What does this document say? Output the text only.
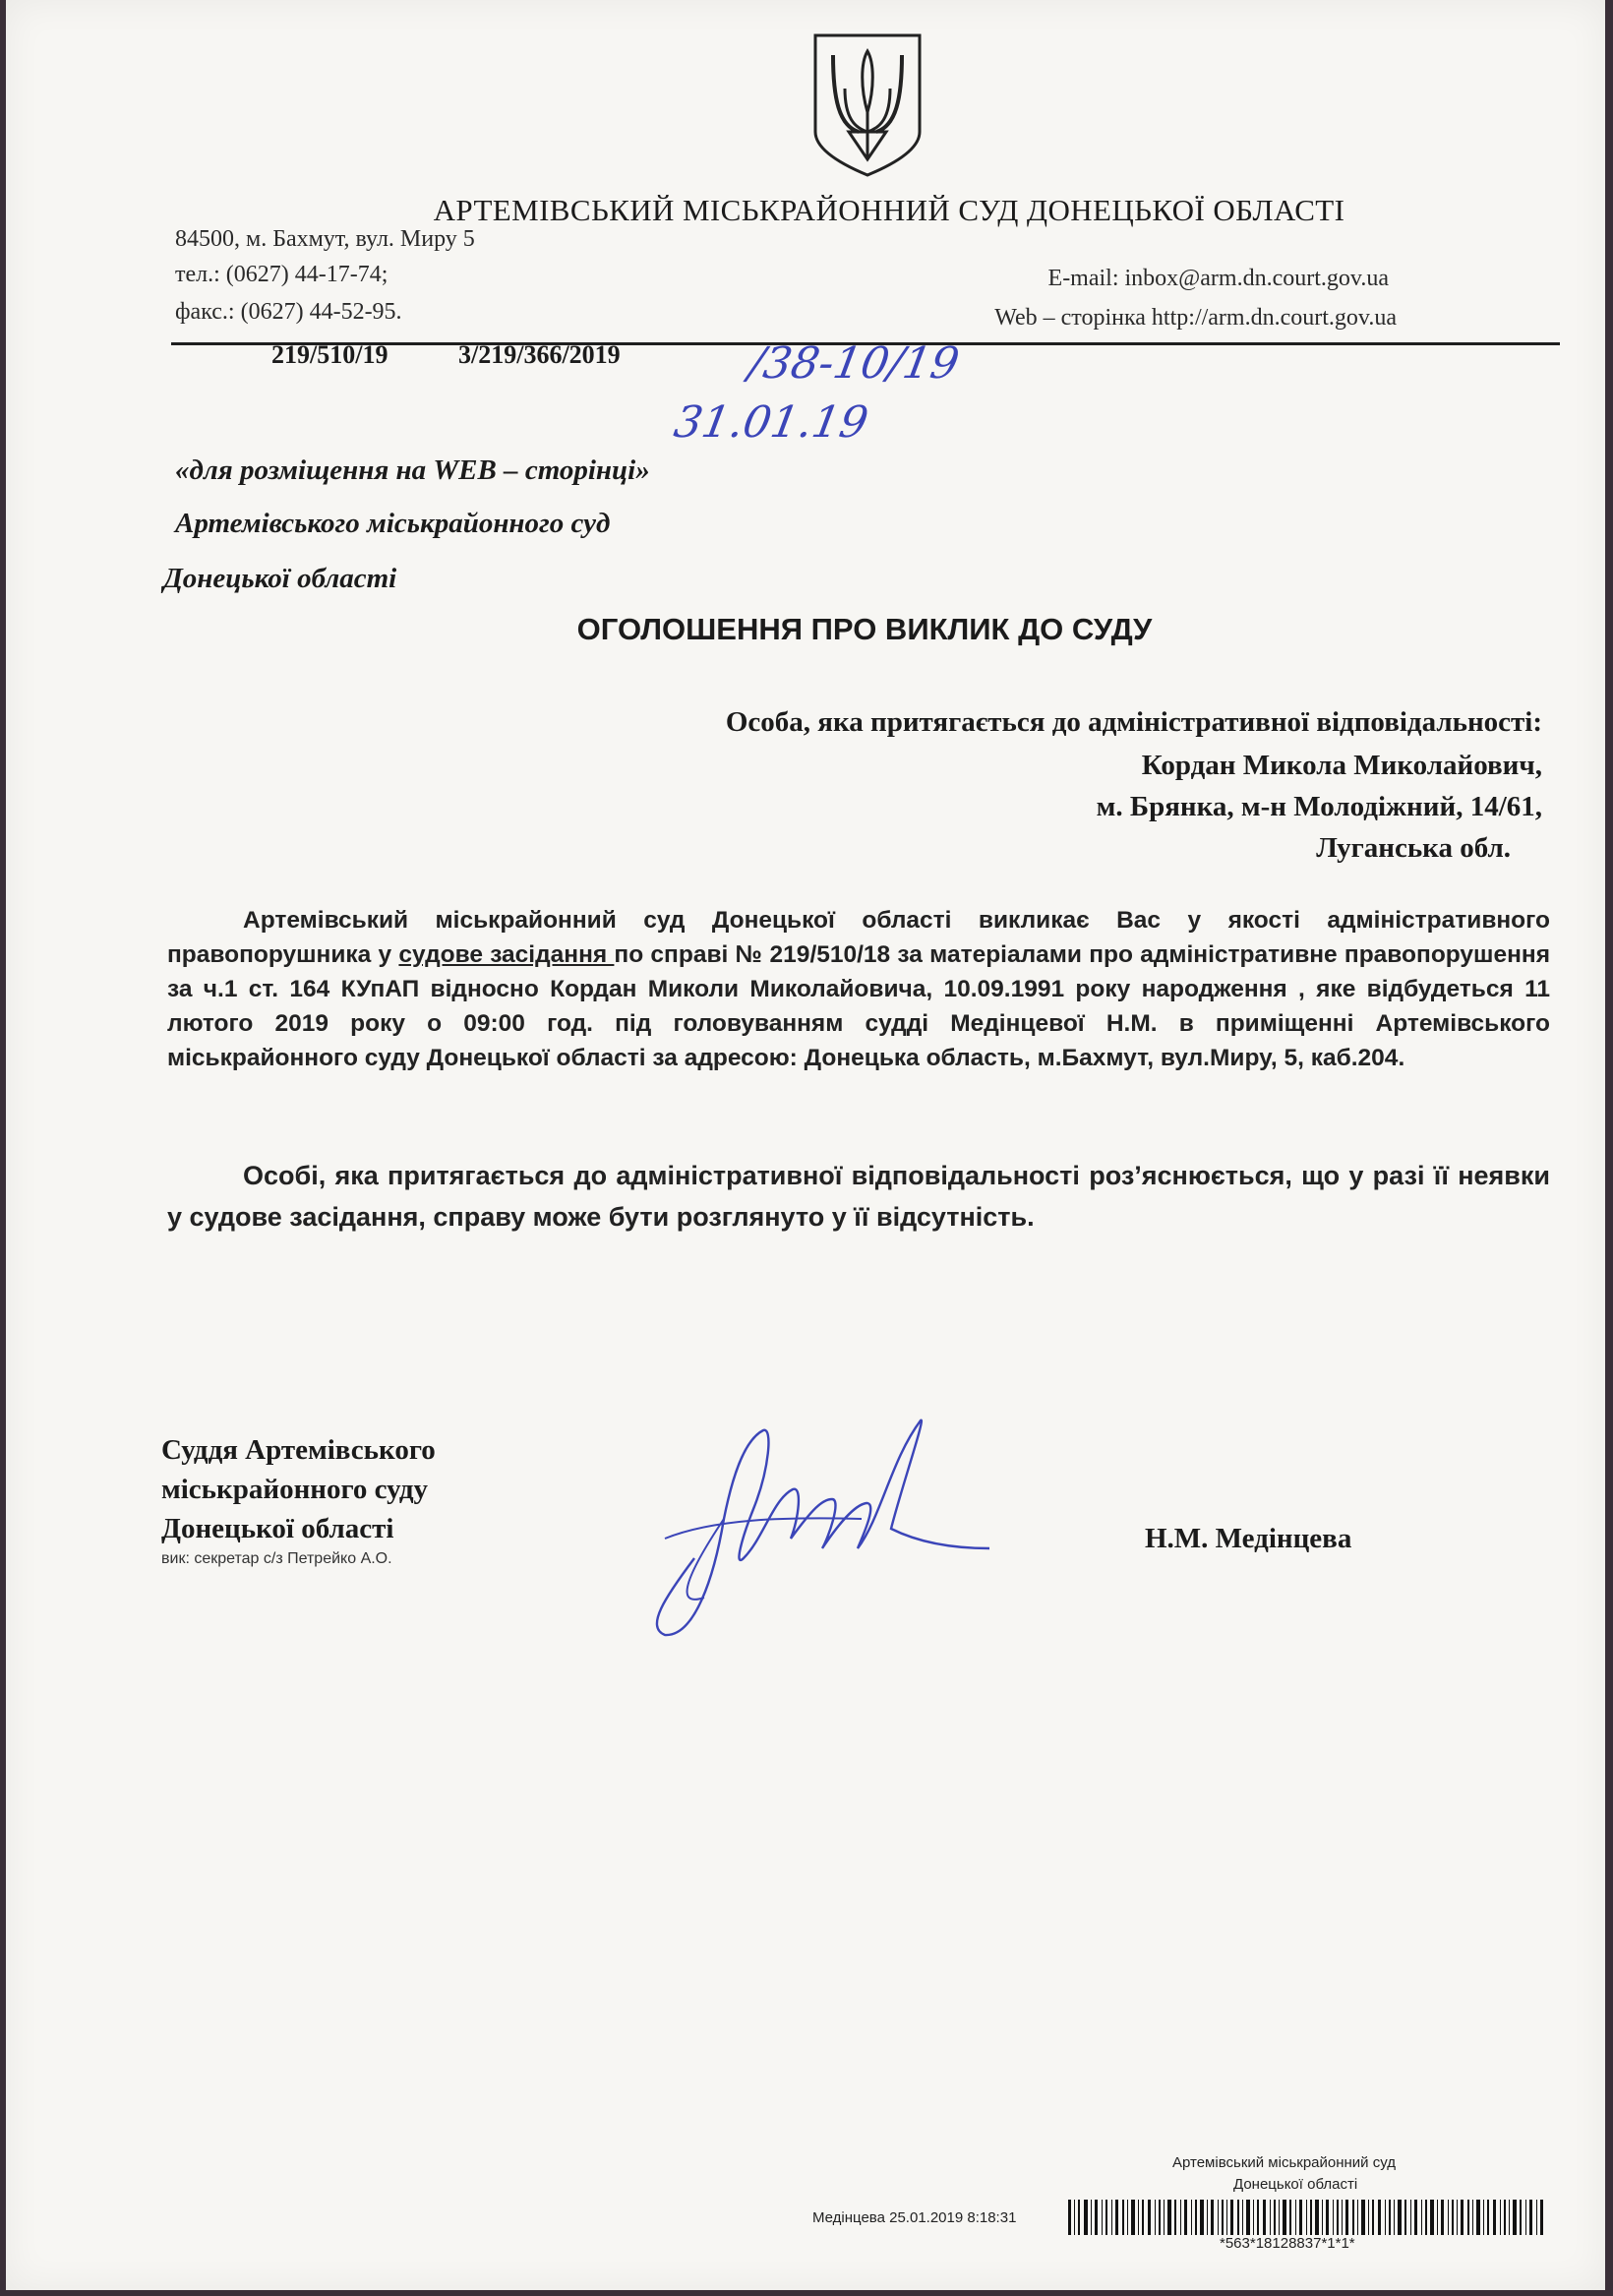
АРТЕМІВСЬКИЙ МІСЬКРАЙОННИЙ СУД ДОНЕЦЬКОЇ ОБЛАСТІ
84500, м. Бахмут, вул. Миру 5
тел.: (0627) 44-17-74;
факс.: (0627) 44-52-95.
E-mail: inbox@arm.dn.court.gov.ua
Web – сторінка http://arm.dn.court.gov.ua
219/510/19	3/219/366/2019	/38-10/19
31.01.19
«для розміщення на WEB – сторінці»
Артемівського міськрайонного суд
Донецької області
ОГОЛОШЕННЯ ПРО ВИКЛИК ДО СУДУ
Особа, яка притягається до адміністративної відповідальності:
Кордан Микола Миколайович,
м. Брянка, м-н Молодіжний, 14/61,
Луганська обл.
Артемівський міськрайонний суд Донецької області викликає Вас у якості адміністративного правопорушника у судове засідання по справі № 219/510/18 за матеріалами про адміністративне правопорушення за ч.1 ст. 164 КУпАП відносно Кордан Миколи Миколайовича, 10.09.1991 року народження , яке відбудеться 11 лютого 2019 року о 09:00 год. під головуванням судді Медінцевої Н.М. в приміщенні Артемівського міськрайонного суду Донецької області за адресою: Донецька область, м.Бахмут, вул.Миру, 5, каб.204.
Особі, яка притягається до адміністративної відповідальності роз’яснюється, що у разі її неявки у судове засідання, справу може бути розглянуто у її відсутність.
Суддя Артемівського
міськрайонного суду
Донецької області
вик: секретар с/з Петрейко А.О.
Н.М. Медінцева
Артемівський міськрайонний суд
Донецької області
Медінцева 25.01.2019 8:18:31
*563*18128837*1*1*
